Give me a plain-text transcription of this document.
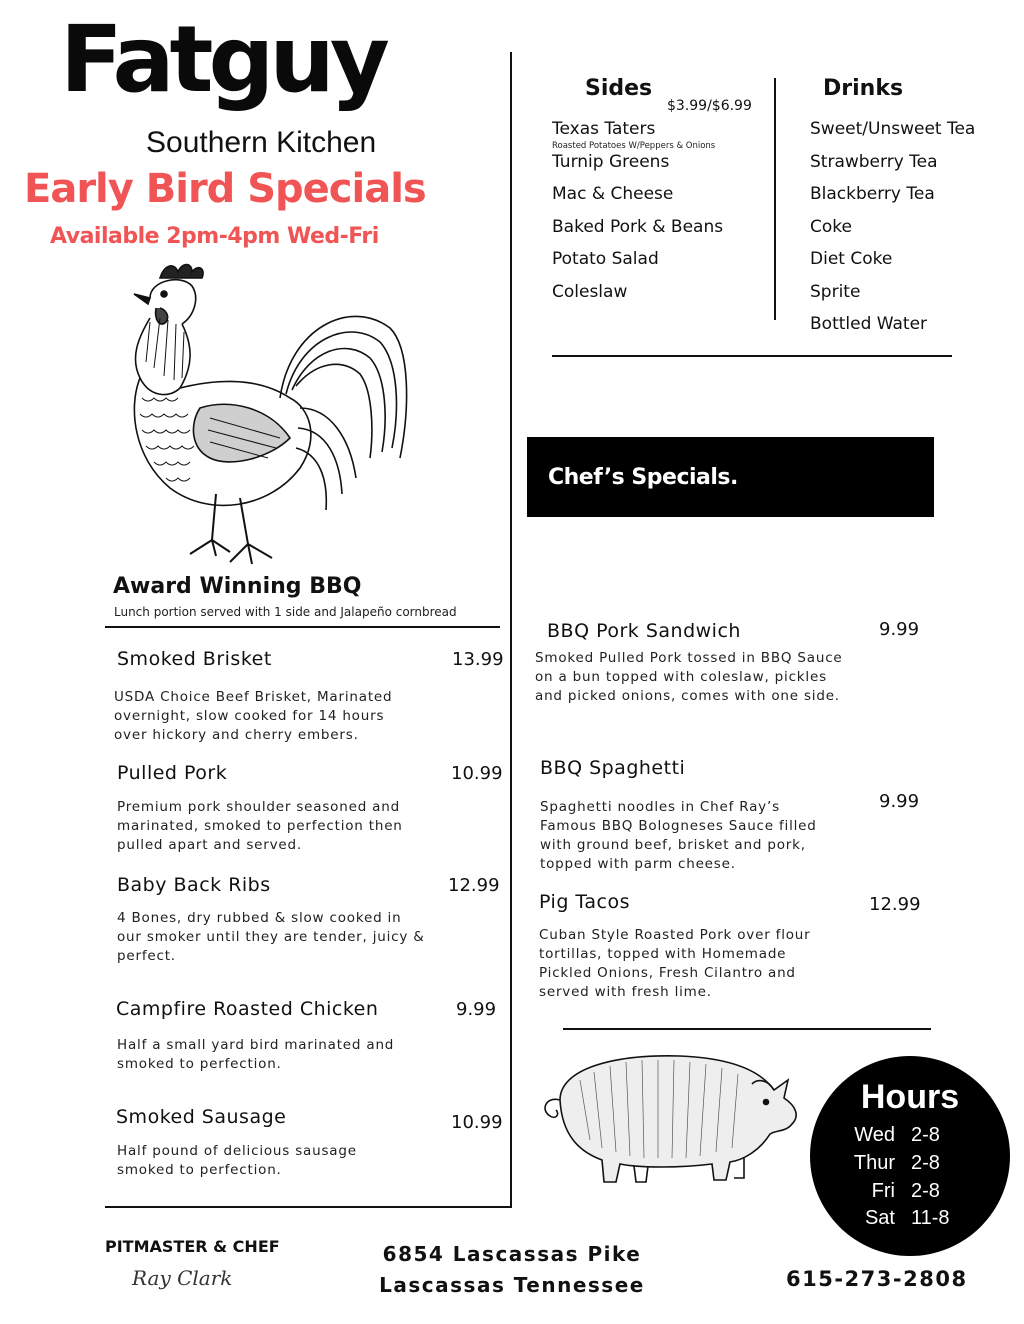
Fatguy
Southern Kitchen
Early Bird Specials
Available 2pm-4pm Wed-Fri
Award Winning BBQ
Lunch portion served with 1 side and Jalapeño cornbread
Smoked Brisket	13.99
USDA Choice Beef Brisket, Marinated overnight, slow cooked for 14 hours over hickory and cherry embers.
Pulled Pork	10.99
Premium pork shoulder seasoned and marinated, smoked to perfection then pulled apart and served.
Baby Back Ribs	12.99
4 Bones, dry rubbed & slow cooked in our smoker until they are tender, juicy & perfect.
Campfire Roasted Chicken	9.99
Half a small yard bird marinated and smoked to perfection.
Smoked Sausage	10.99
Half pound of delicious sausage smoked to perfection.
Sides
$3.99/$6.99
Texas Taters
Roasted Potatoes W/Peppers & Onions
Turnip Greens
Mac & Cheese
Baked Pork & Beans
Potato Salad
Coleslaw
Drinks
Sweet/Unsweet Tea
Strawberry Tea
Blackberry Tea
Coke
Diet Coke
Sprite
Bottled Water
Chef’s Specials.
BBQ Pork Sandwich	9.99
Smoked Pulled Pork tossed in BBQ Sauce on a bun topped with coleslaw, pickles and picked onions, comes with one side.
BBQ Spaghetti
9.99
Spaghetti noodles in Chef Ray’s Famous BBQ Bologneses Sauce filled with ground beef, brisket and pork, topped with parm cheese.
Pig Tacos	12.99
Cuban Style Roasted Pork over flour tortillas, topped with Homemade Pickled Onions, Fresh Cilantro and served with fresh lime.
Hours
Wed 2-8
Thur 2-8
Fri 2-8
Sat 11-8
PITMASTER & CHEF
Ray Clark
6854 Lascassas Pike
Lascassas Tennessee	615-273-2808
